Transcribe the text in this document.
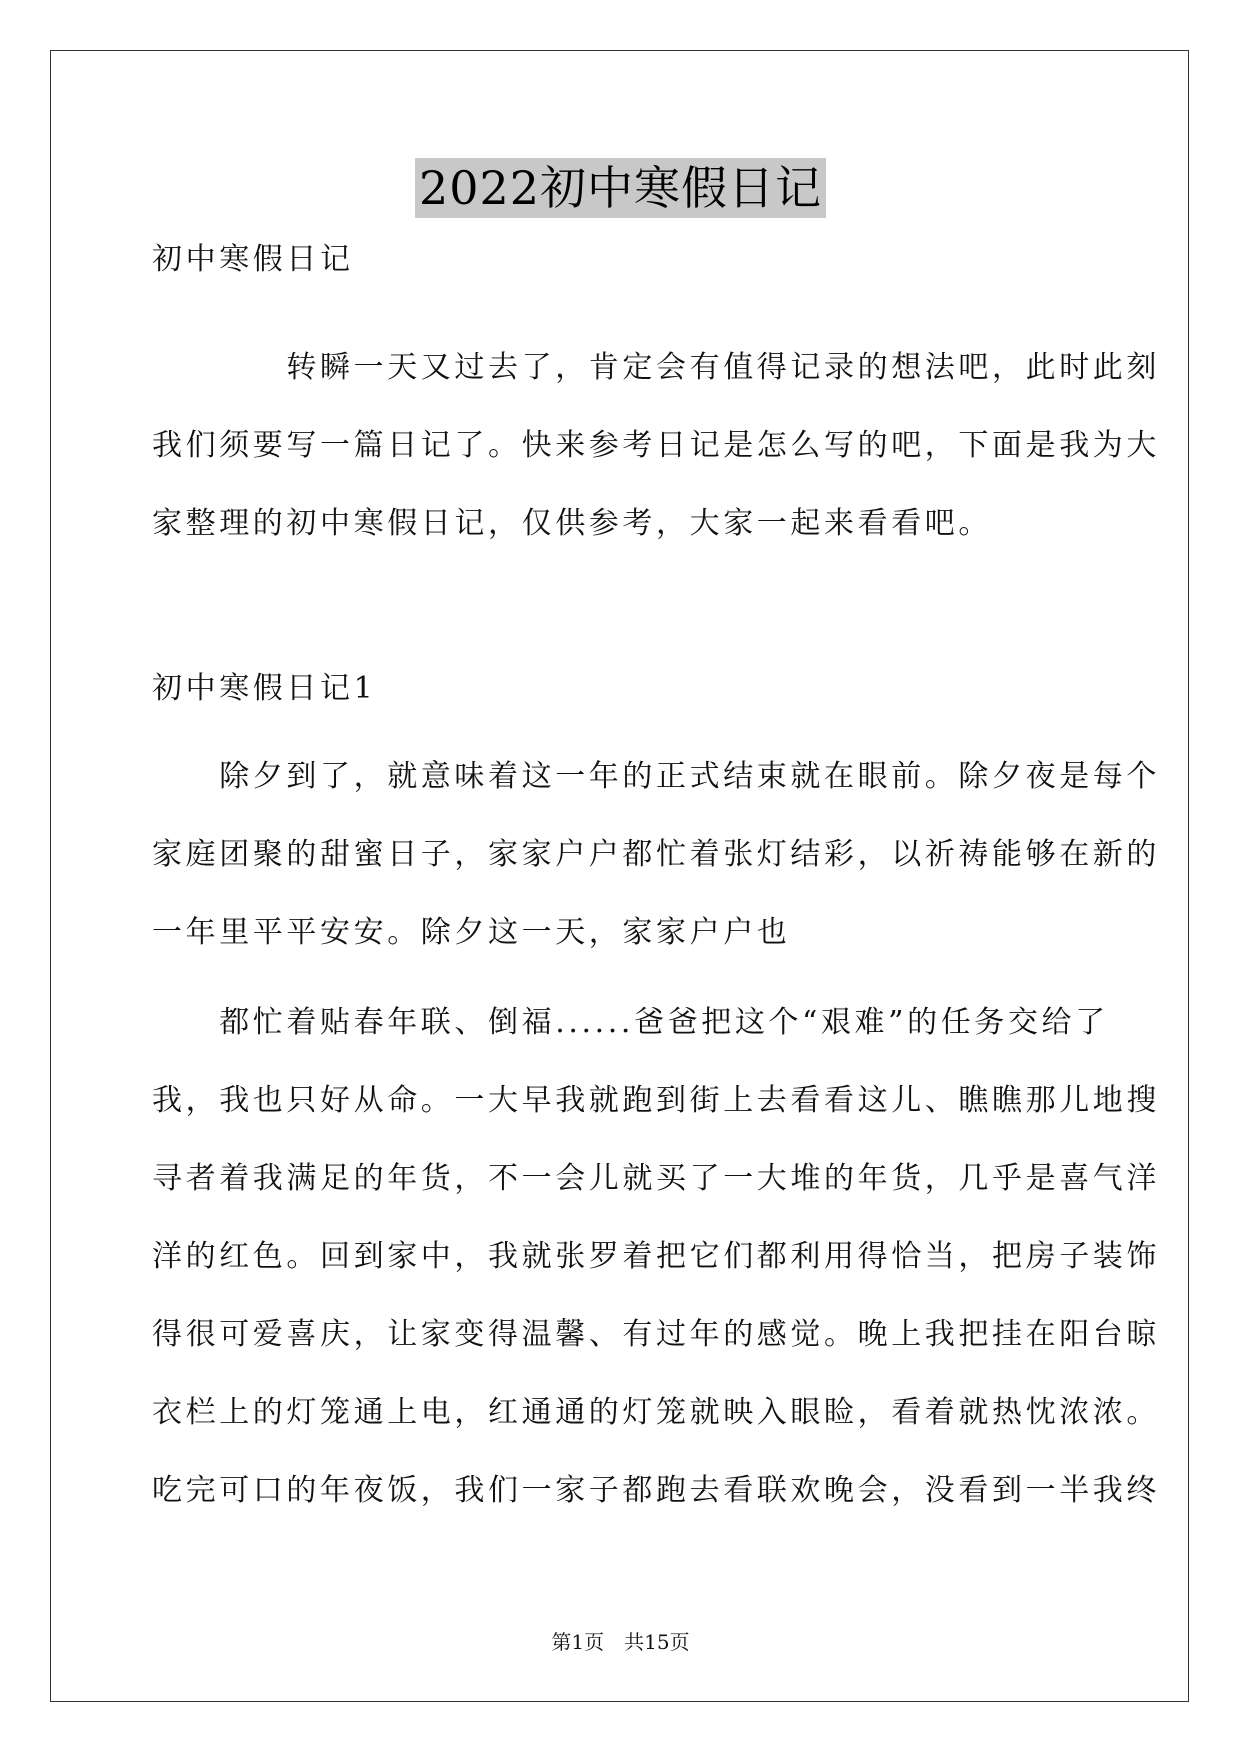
2022初中寒假日记
初中寒假日记
　　　　转瞬一天又过去了，肯定会有值得记录的想法吧，此时此刻
我们须要写一篇日记了。快来参考日记是怎么写的吧，下面是我为大
家整理的初中寒假日记，仅供参考，大家一起来看看吧。
初中寒假日记1
　　除夕到了，就意味着这一年的正式结束就在眼前。除夕夜是每个
家庭团聚的甜蜜日子，家家户户都忙着张灯结彩，以祈祷能够在新的
一年里平平安安。除夕这一天，家家户户也
　　都忙着贴春年联、倒福......爸爸把这个“艰难”的任务交给了
我，我也只好从命。一大早我就跑到街上去看看这儿、瞧瞧那儿地搜
寻者着我满足的年货，不一会儿就买了一大堆的年货，几乎是喜气洋
洋的红色。回到家中，我就张罗着把它们都利用得恰当，把房子装饰
得很可爱喜庆，让家变得温馨、有过年的感觉。晚上我把挂在阳台晾
衣栏上的灯笼通上电，红通通的灯笼就映入眼睑，看着就热忱浓浓。
吃完可口的年夜饭，我们一家子都跑去看联欢晚会，没看到一半我终
第1页　共15页
